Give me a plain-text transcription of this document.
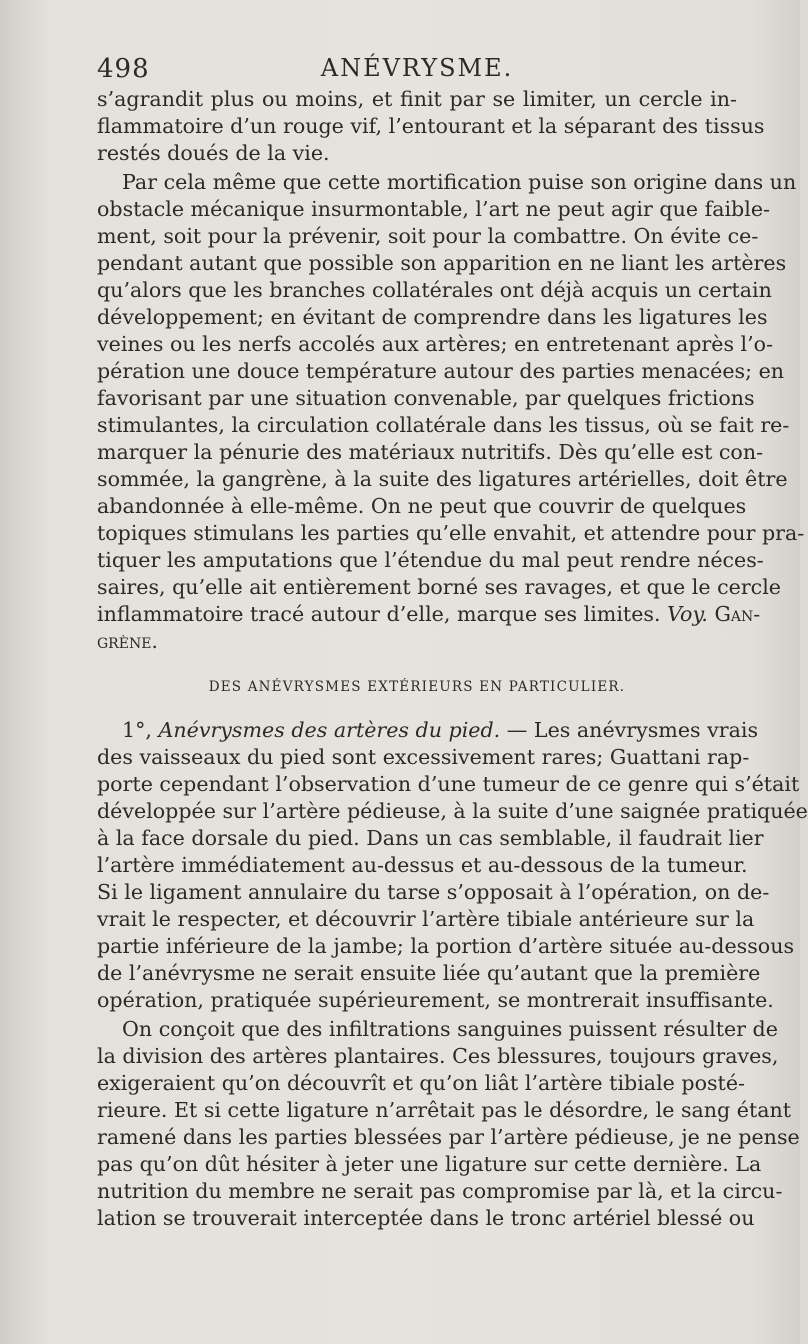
498	ANÉVRYSME.
s’agrandit plus ou moins, et finit par se limiter, un cercle in-
flammatoire d’un rouge vif, l’entourant et la séparant des tissus
restés doués de la vie.
Par cela même que cette mortification puise son origine dans un
obstacle mécanique insurmontable, l’art ne peut agir que faible-
ment, soit pour la prévenir, soit pour la combattre. On évite ce-
pendant autant que possible son apparition en ne liant les artères
qu’alors que les branches collatérales ont déjà acquis un certain
développement; en évitant de comprendre dans les ligatures les
veines ou les nerfs accolés aux artères; en entretenant après l’o-
pération une douce température autour des parties menacées; en
favorisant par une situation convenable, par quelques frictions
stimulantes, la circulation collatérale dans les tissus, où se fait re-
marquer la pénurie des matériaux nutritifs. Dès qu’elle est con-
sommée, la gangrène, à la suite des ligatures artérielles, doit être
abandonnée à elle-même. On ne peut que couvrir de quelques
topiques stimulans les parties qu’elle envahit, et attendre pour pra-
tiquer les amputations que l’étendue du mal peut rendre néces-
saires, qu’elle ait entièrement borné ses ravages, et que le cercle
inflammatoire tracé autour d’elle, marque ses limites. Voy. Gan-
grène.
DES ANÉVRYSMES EXTÉRIEURS EN PARTICULIER.
1°, Anévrysmes des artères du pied. — Les anévrysmes vrais
des vaisseaux du pied sont excessivement rares; Guattani rap-
porte cependant l’observation d’une tumeur de ce genre qui s’était
développée sur l’artère pédieuse, à la suite d’une saignée pratiquée
à la face dorsale du pied. Dans un cas semblable, il faudrait lier
l’artère immédiatement au-dessus et au-dessous de la tumeur.
Si le ligament annulaire du tarse s’opposait à l’opération, on de-
vrait le respecter, et découvrir l’artère tibiale antérieure sur la
partie inférieure de la jambe; la portion d’artère située au-dessous
de l’anévrysme ne serait ensuite liée qu’autant que la première
opération, pratiquée supérieurement, se montrerait insuffisante.
On conçoit que des infiltrations sanguines puissent résulter de
la division des artères plantaires. Ces blessures, toujours graves,
exigeraient qu’on découvrît et qu’on liât l’artère tibiale posté-
rieure. Et si cette ligature n’arrêtait pas le désordre, le sang étant
ramené dans les parties blessées par l’artère pédieuse, je ne pense
pas qu’on dût hésiter à jeter une ligature sur cette dernière. La
nutrition du membre ne serait pas compromise par là, et la circu-
lation se trouverait interceptée dans le tronc artériel blessé ou
